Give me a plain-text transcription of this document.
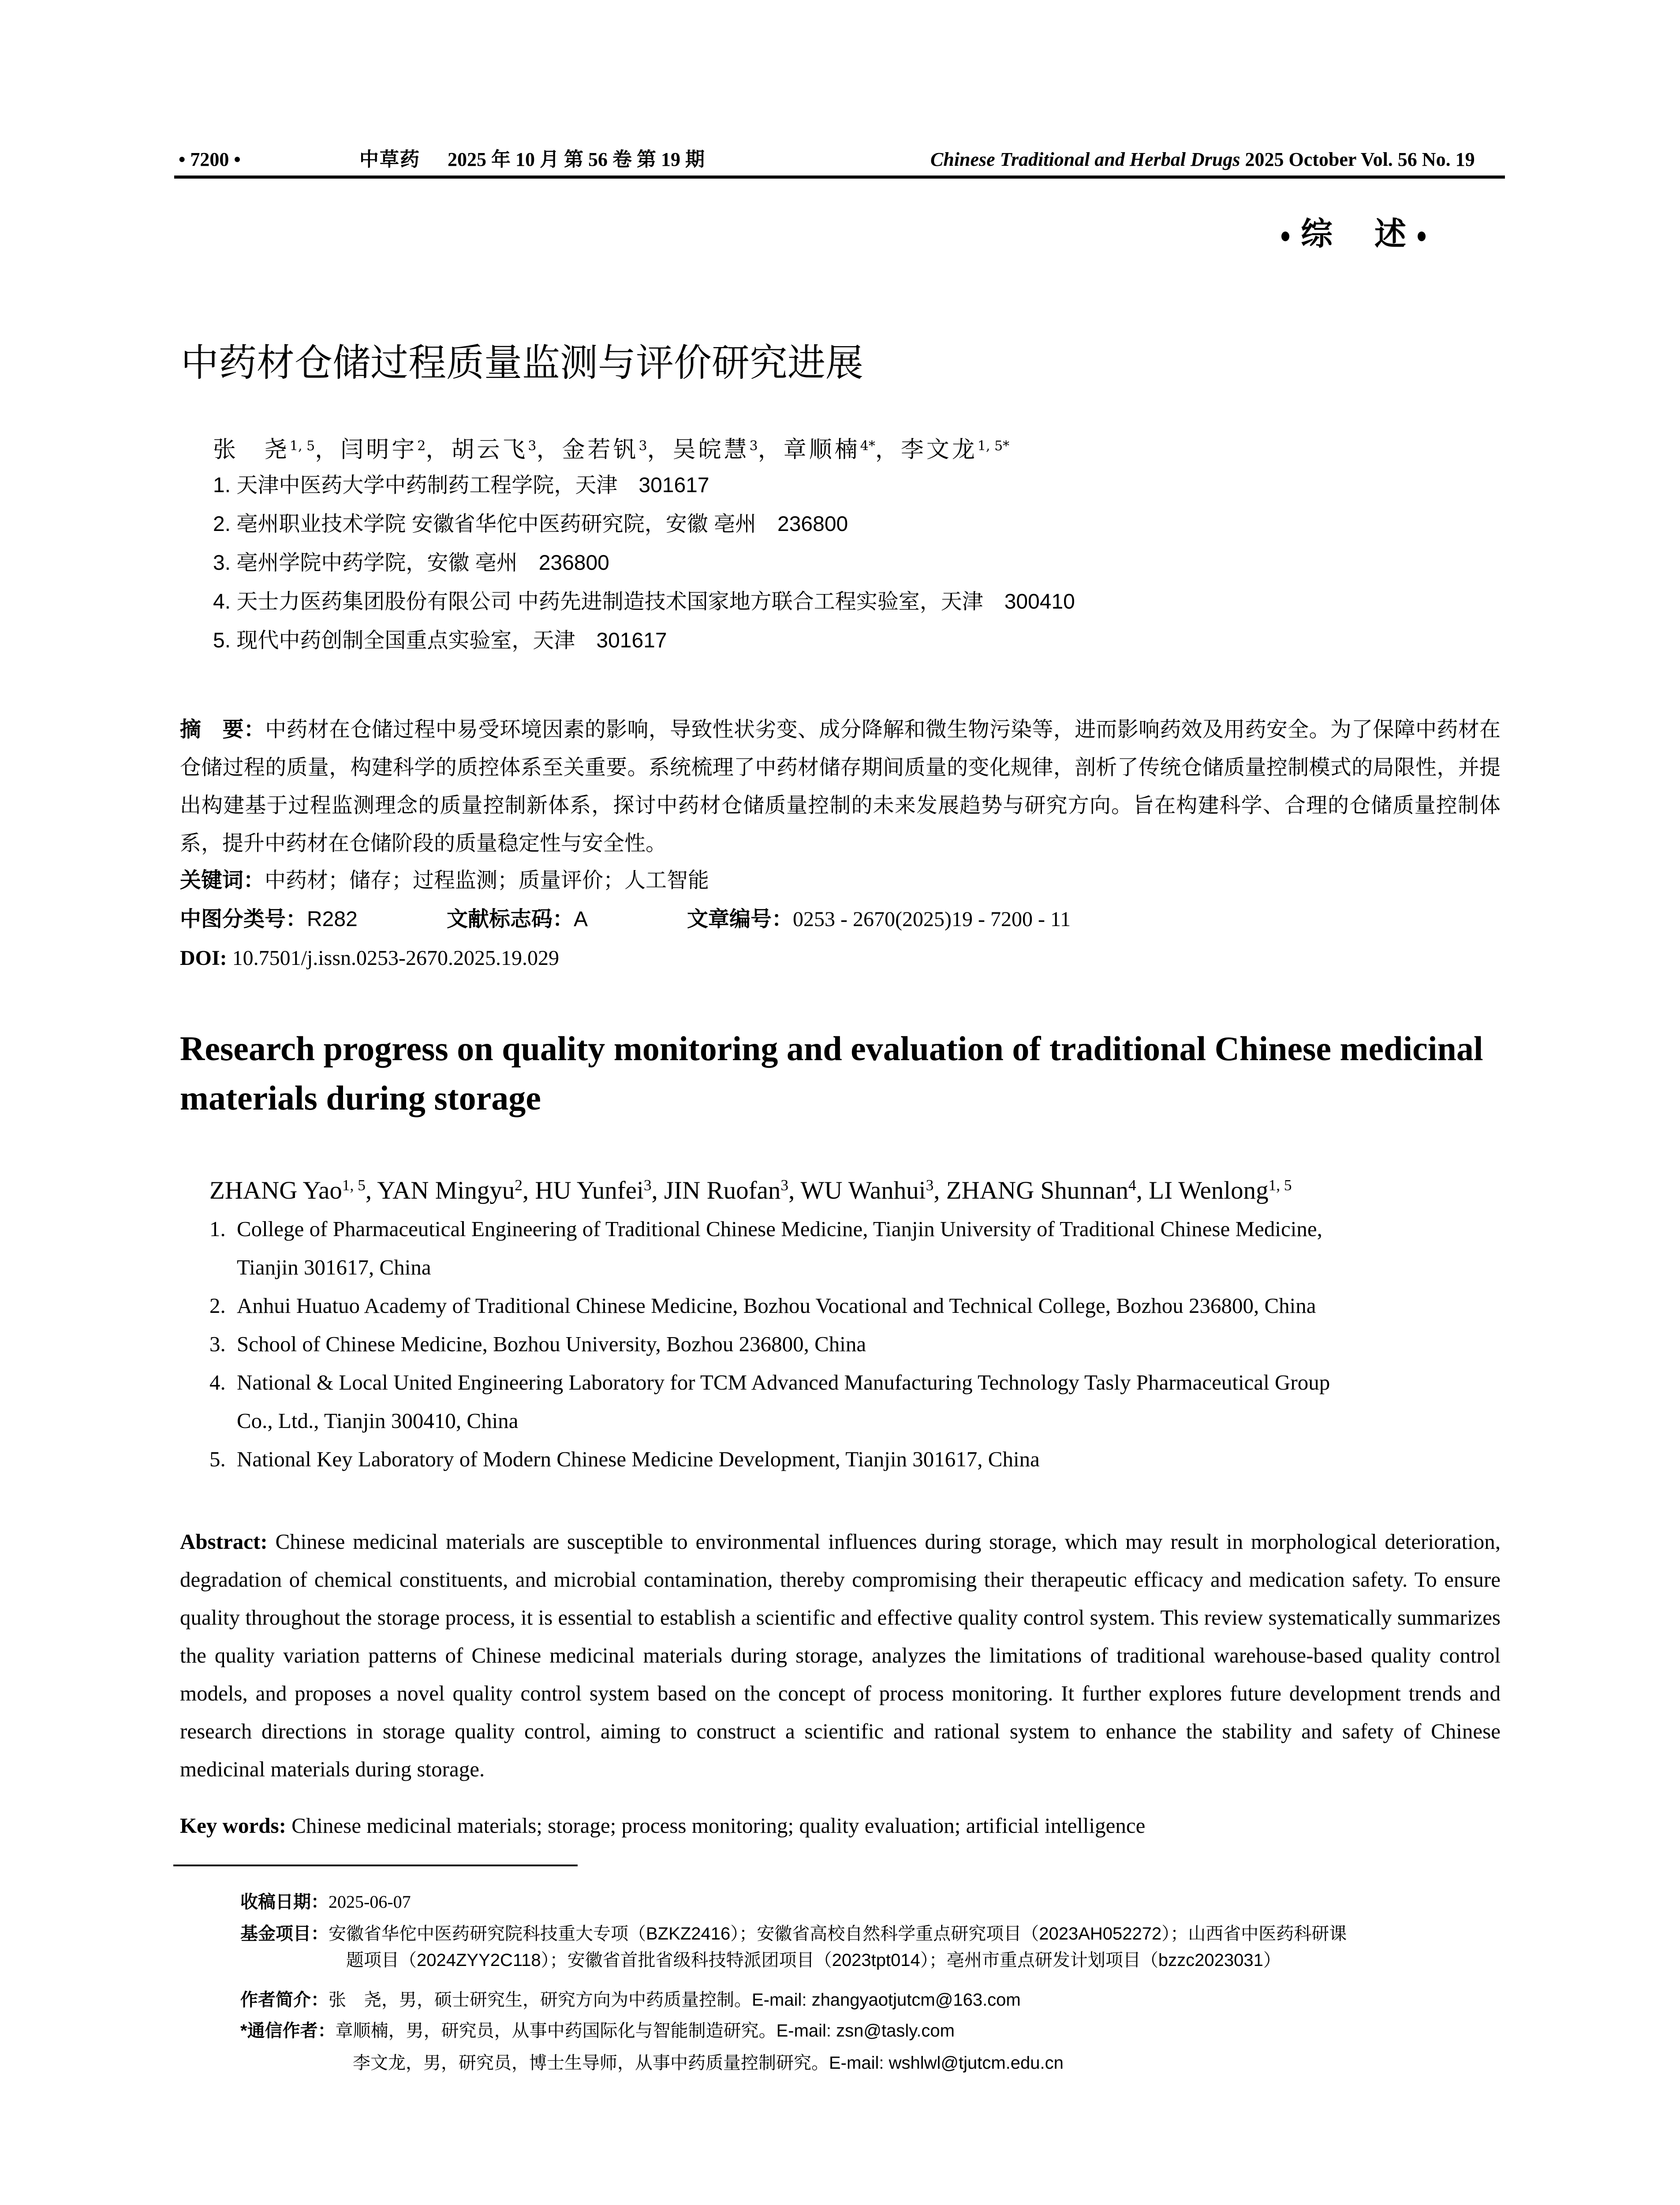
• 7200 •	中草药 2025 年 10 月 第 56 卷 第 19 期	Chinese Traditional and Herbal Drugs 2025 October Vol. 56 No. 19
综 述
中药材仓储过程质量监测与评价研究进展
张　尧$^{1, 5}$，闫明宇$^2$，胡云飞$^3$，金若钒$^3$，吴皖慧$^3$，章顺楠$^{4*}$，李文龙$^{1, 5*}$
1. 天津中医药大学中药制药工程学院，天津　301617
2. 亳州职业技术学院 安徽省华佗中医药研究院，安徽 亳州　236800
3. 亳州学院中药学院，安徽 亳州　236800
4. 天士力医药集团股份有限公司 中药先进制造技术国家地方联合工程实验室，天津　300410
5. 现代中药创制全国重点实验室，天津　301617
摘　要：中药材在仓储过程中易受环境因素的影响，导致性状劣变、成分降解和微生物污染等，进而影响药效及用药安全。为了保障中药材在仓储过程的质量，构建科学的质控体系至关重要。系统梳理了中药材储存期间质量的变化规律，剖析了传统仓储质量控制模式的局限性，并提出构建基于过程监测理念的质量控制新体系，探讨中药材仓储质量控制的未来发展趋势与研究方向。旨在构建科学、合理的仓储质量控制体系，提升中药材在仓储阶段的质量稳定性与安全性。
关键词：中药材；储存；过程监测；质量评价；人工智能
中图分类号：R282	文献标志码：A	文章编号：0253 - 2670(2025)19 - 7200 - 11
DOI: 10.7501/j.issn.0253-2670.2025.19.029
Research progress on quality monitoring and evaluation of traditional Chinese medicinal materials during storage
ZHANG Yao$^{1, 5}$, YAN Mingyu$^2$, HU Yunfei$^3$, JIN Ruofan$^3$, WU Wanhui$^3$, ZHANG Shunnan$^4$, LI Wenlong$^{1, 5}$
1. College of Pharmaceutical Engineering of Traditional Chinese Medicine, Tianjin University of Traditional Chinese Medicine,
Tianjin 301617, China
2. Anhui Huatuo Academy of Traditional Chinese Medicine, Bozhou Vocational and Technical College, Bozhou 236800, China
3. School of Chinese Medicine, Bozhou University, Bozhou 236800, China
4. National & Local United Engineering Laboratory for TCM Advanced Manufacturing Technology Tasly Pharmaceutical Group
Co., Ltd., Tianjin 300410, China
5. National Key Laboratory of Modern Chinese Medicine Development, Tianjin 301617, China
Abstract: Chinese medicinal materials are susceptible to environmental influences during storage, which may result in morphological deterioration, degradation of chemical constituents, and microbial contamination, thereby compromising their therapeutic efficacy and medication safety. To ensure quality throughout the storage process, it is essential to establish a scientific and effective quality control system. This review systematically summarizes the quality variation patterns of Chinese medicinal materials during storage, analyzes the limitations of traditional warehouse-based quality control models, and proposes a novel quality control system based on the concept of process monitoring. It further explores future development trends and research directions in storage quality control, aiming to construct a scientific and rational system to enhance the stability and safety of Chinese medicinal materials during storage.
Key words: Chinese medicinal materials; storage; process monitoring; quality evaluation; artificial intelligence
收稿日期：2025-06-07
基金项目：安徽省华佗中医药研究院科技重大专项（BZKZ2416）；安徽省高校自然科学重点研究项目（2023AH052272）；山西省中医药科研课
题项目（2024ZYY2C118）；安徽省首批省级科技特派团项目（2023tpt014）；亳州市重点研发计划项目（bzzc2023031）
作者简介：张　尧，男，硕士研究生，研究方向为中药质量控制。E-mail: zhangyaotjutcm@163.com
*通信作者：章顺楠，男，研究员，从事中药国际化与智能制造研究。E-mail: zsn@tasly.com
李文龙，男，研究员，博士生导师，从事中药质量控制研究。E-mail: wshlwl@tjutcm.edu.cn
